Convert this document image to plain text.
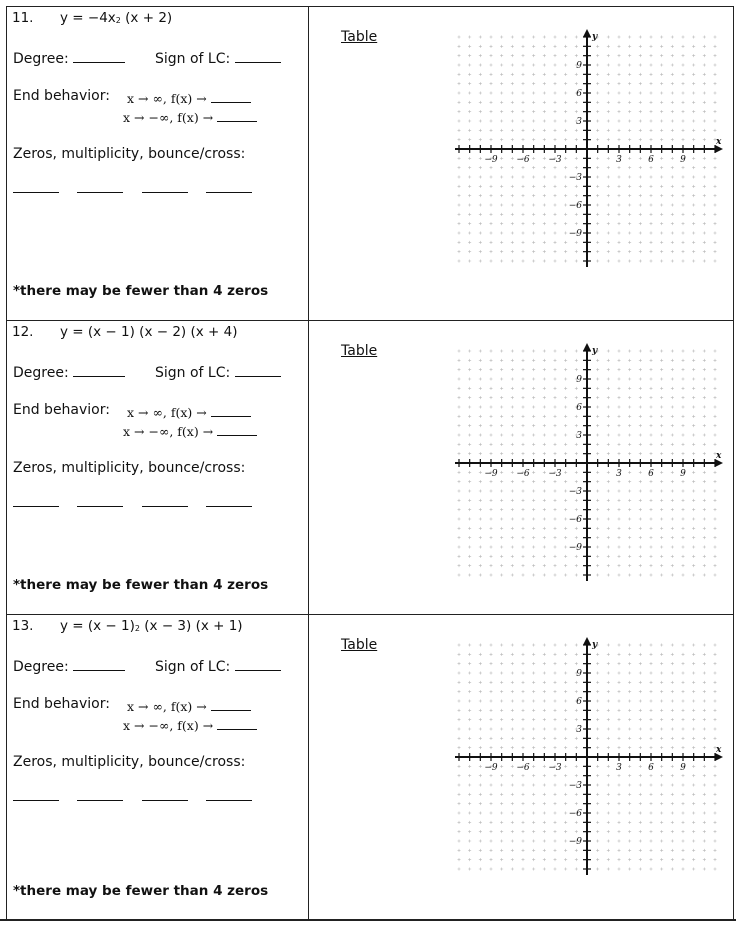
11. $y = -4x_2$ (x + 2)
Degree:	Sign of LC:
End behavior: x → ∞, f(x) →
x → −∞, f(x) →
Zeros, multiplicity, bounce/cross:
*there may be fewer than 4 zeros
Table
−9 −6 −3	3	6	9
9
6
3
−3
−6
−9
x
y
12. y = (x − 1) (x − 2) (x + 4)
Degree:	Sign of LC:
End behavior: x → ∞, f(x) →
x → −∞, f(x) →
Zeros, multiplicity, bounce/cross:
*there may be fewer than 4 zeros
Table
−9 −6 −3	3	6	9
9
6
3
−3
−6
−9
x
y
13. $y = (x - 1)_2$ (x − 3) (x + 1)
Degree:	Sign of LC:
End behavior: x → ∞, f(x) →
x → −∞, f(x) →
Zeros, multiplicity, bounce/cross:
*there may be fewer than 4 zeros
Table
−9 −6 −3	3	6	9
9
6
3
−3
−6
−9
x
y
